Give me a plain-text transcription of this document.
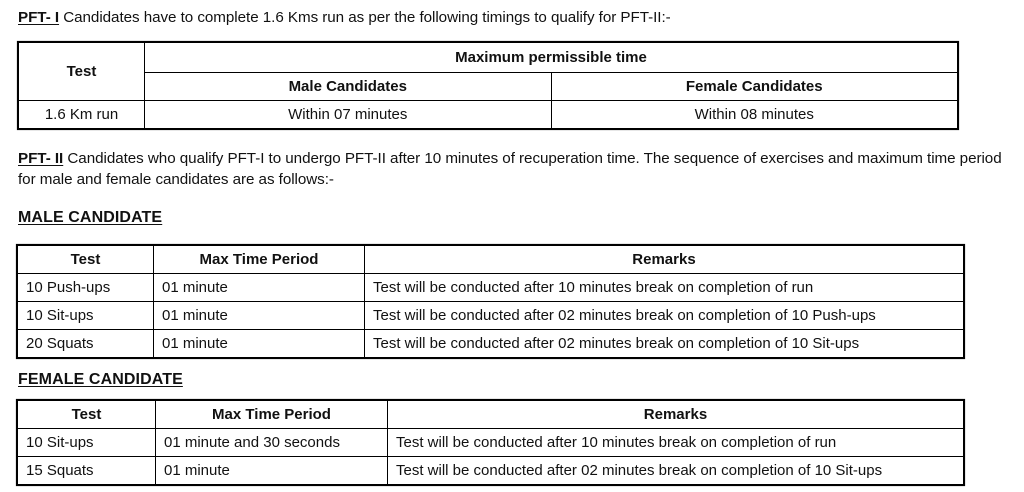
PFT- I Candidates have to complete 1.6 Kms run as per the following timings to qualify for PFT-II:-
Test	Maximum permissible time	

	Male Candidates	Female Candidates

1.6 Km run	Within 07 minutes	Within 08 minutes
PFT- II Candidates who qualify PFT-I to undergo PFT-II after 10 minutes of recuperation time. The sequence of exercises and maximum time period for male and female candidates are as follows:-
MALE CANDIDATE
Test	Max Time Period	Remarks

10 Push-ups	01 minute	Test will be conducted after 10 minutes break on completion of run

10 Sit-ups	01 minute	Test will be conducted after 02 minutes break on completion of 10 Push-ups

20 Squats	01 minute	Test will be conducted after 02 minutes break on completion of 10 Sit-ups
FEMALE CANDIDATE
Test	Max Time Period	Remarks

10 Sit-ups	01 minute and 30 seconds	Test will be conducted after 10 minutes break on completion of run

15 Squats	01 minute	Test will be conducted after 02 minutes break on completion of 10 Sit-ups
